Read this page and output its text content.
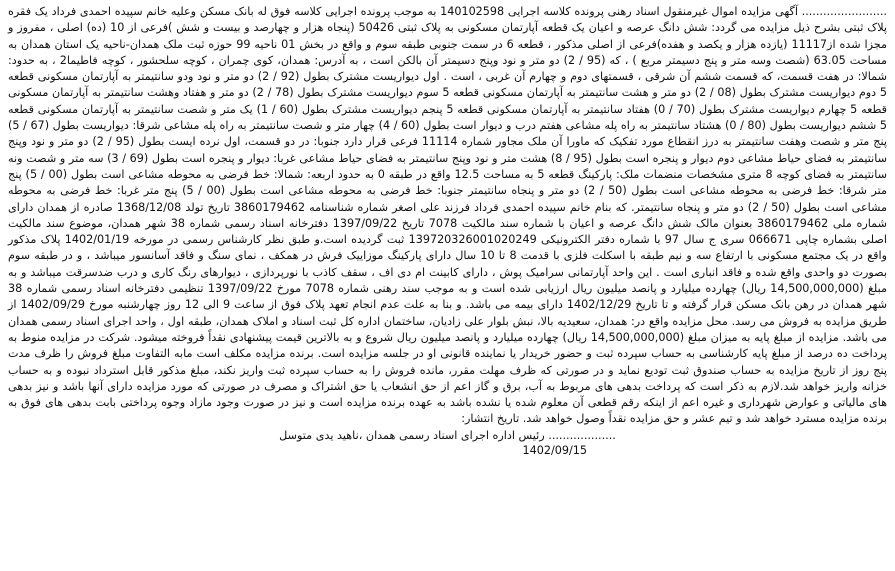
........................ آگهی مزایده اموال غیرمنقول اسناد رهنی پرونده کلاسه اجرایی 140102598 به موجب پرونده اجرایی کلاسه فوق له بانک مسکن وعلیه خانم سپیده احمدی فرداد یک فقره پلاک ثبتی بشرح ذیل مزایده می گردد: شش دانگ عرصه و اعیان یک قطعه آپارتمان مسکونی به پلاک ثبتی 50426 (پنجاه هزار و چهارصد و بیست و شش )فرعی از 10 (ده) اصلی ، مفروز و مجزا شده از11117 (یازده هزار و یکصد و هفده)فرعی از اصلی مذکور ، قطعه 6 در سمت جنوبی طبقه سوم و واقع در بخش 01 ناحیه 99 حوزه ثبت ملک همدان-ناحیه یک استان همدان به مساحت 63.05 (شصت وسه متر و پنج دسیمتر مربع ) ، که (95 / 2) دو متر و نود وپنج دسیمتر آن بالکن است ، به آدرس: همدان، کوی چمران ، کوچه سلحشور ، کوچه فاطیما2 ، به حدود: شمالا: در هفت قسمت، که قسمت ششم آن شرقی ، قسمتهای دوم و چهارم آن غربی ، است . اول دیواریست مشترک بطول (92 / 2) دو متر و نود ودو سانتیمتر به آپارتمان مسکونی قطعه 5 دوم دیواریست مشترک بطول (08 / 2) دو متر و هشت سانتیمتر به آپارتمان مسکونی قطعه 5 سوم دیواریست مشترک بطول (78 / 2) دو متر و هفتاد وهشت سانتیمتر به آپارتمان مسکونی قطعه 5 چهارم دیواریست مشترک بطول (70 / 0) هفتاد سانتیمتر به آپارتمان مسکونی قطعه 5 پنجم دیواریست مشترک بطول (60 / 1) یک متر و شصت سانتیمتر به آپارتمان مسکونی قطعه 5 ششم دیواریست بطول (80 / 0) هشتاد سانتیمتر به راه پله مشاعی هفتم درب و دیوار است بطول (60 / 4) چهار متر و شصت سانتیمتر به راه پله مشاعی شرقا: دیواریست بطول (67 / 5) پنج متر و شصت وهفت سانتیمتر به درز انقطاع مورد تفکیک که ماورا آن ملک مجاور شماره 11114 فرعی قرار دارد جنوبا: در دو قسمت، اول نرده ایست بطول (95 / 2) دو متر و نود وپنج سانتیمتر به فضای حیاط مشاعی دوم دیوار و پنجره است بطول (95 / 8) هشت متر و نود وپنج سانتیمتر به فضای حیاط مشاعی غربا: دیوار و پنجره است بطول (69 / 3) سه متر و شصت ونه سانتیمتر به فضای کوچه 8 متری مشخصات منضمات ملک: پارکینگ قطعه 5 به مساحت 12.5 واقع در طبقه 0 به حدود اربعه: شمالا: خط فرضی به محوطه مشاعی است بطول (00 / 5) پنج متر شرقا: خط فرضی به محوطه مشاعی است بطول (50 / 2) دو متر و پنجاه سانتیمتر جنوبا: خط فرضی به محوطه مشاعی است بطول (00 / 5) پنج متر غربا: خط فرضی به محوطه مشاعی است بطول (50 / 2) دو متر و پنجاه سانتیمتر. که بنام خانم سپیده احمدی فرداد فرزند علی اصغر شماره شناسنامه 3860179462 تاریخ تولد 1368/12/08 صادره از همدان دارای شماره ملی 3860179462 بعنوان مالک شش دانگ عرصه و اعیان با شماره سند مالکیت 7078 تاریخ 1397/09/22 دفترخانه اسناد رسمی شماره 38 شهر همدان، موضوع سند مالکیت اصلی بشماره چاپی 066671 سری ج سال 97 با شماره دفتر الکترونیکی 139720326001020249 ثبت گردیده است.و طبق نظر کارشناس رسمی در مورخه 1402/01/19 پلاک مذکور واقع در یک مجتمع مسکونی با ارتفاع سه و نیم طبقه با اسکلت فلزی با قدمت 8 تا 10 سال دارای پارکینگ موزاییک فرش در همکف ، نمای سنگ و فاقد آسانسور میباشد ، و در طبقه سوم بصورت دو واحدی واقع شده و فاقد انباری است . این واحد آپارتمانی سرامیک پوش ، دارای کابینت ام دی اف ، سقف کاذب با نورپردازی ، دیوارهای رنگ کاری و درب ضدسرقت میباشد و به مبلغ (14,500,000,000 ریال) چهارده میلیارد و پانصد میلیون ریال ارزیابی شده است و به موجب سند رهنی شماره 7078 مورخ 1397/09/22 تنظیمی دفترخانه اسناد رسمی شماره 38 شهر همدان در رهن بانک مسکن قرار گرفته و تا تاریخ 1402/12/29 دارای بیمه می باشد. و بنا به علت عدم انجام تعهد پلاک فوق از ساعت 9 الی 12 روز چهارشنبه مورخ 1402/09/29 از طریق مزایده به فروش می رسد. محل مزایده واقع در: همدان، سعیدیه بالا، نبش بلوار علی زادیان، ساختمان اداره کل ثبت اسناد و املاک همدان، طبقه اول ، واحد اجرای اسناد رسمی همدان می باشد. مزایده از مبلغ پایه به میزان مبلغ (14,500,000,000 ریال) چهارده میلیارد و پانصد میلیون ریال شروع و به بالاترین قیمت پیشنهادی نقداً فروخته میشود. شرکت در مزایده منوط به پرداخت ده درصد از مبلغ پایه کارشناسی به حساب سپرده ثبت و حضور خریدار یا نماینده قانونی او در جلسه مزایده است. برنده مزایده مکلف است مابه التفاوت مبلغ فروش را ظرف مدت پنج روز از تاریخ مزایده به حساب صندوق ثبت تودیع نماید و در صورتی که ظرف مهلت مقرر، مانده فروش را به حساب سپرده ثبت واریز نکند، مبلغ مذکور قابل استرداد نبوده و به حساب خزانه واریز خواهد شد.لازم به ذکر است که پرداخت بدهی های مربوط به آب، برق و گاز اعم از حق انشعاب یا حق اشتراک و مصرف در صورتی که مورد مزایده دارای آنها باشد و نیز بدهی های مالیاتی و عوارض شهرداری و غیره اعم از اینکه رقم قطعی آن معلوم شده یا نشده باشد به عهده برنده مزایده است و نیز در صورت وجود مازاد وجوه پرداختی بابت بدهی های فوق به برنده مزایده مسترد خواهد شد و تیم عشر و حق مزایده نقداً وصول خواهد شد. تاریخ انتشار:

................... رئیس اداره اجرای اسناد رسمی همدان ،ناهید یدی متوسل

1402/09/15
